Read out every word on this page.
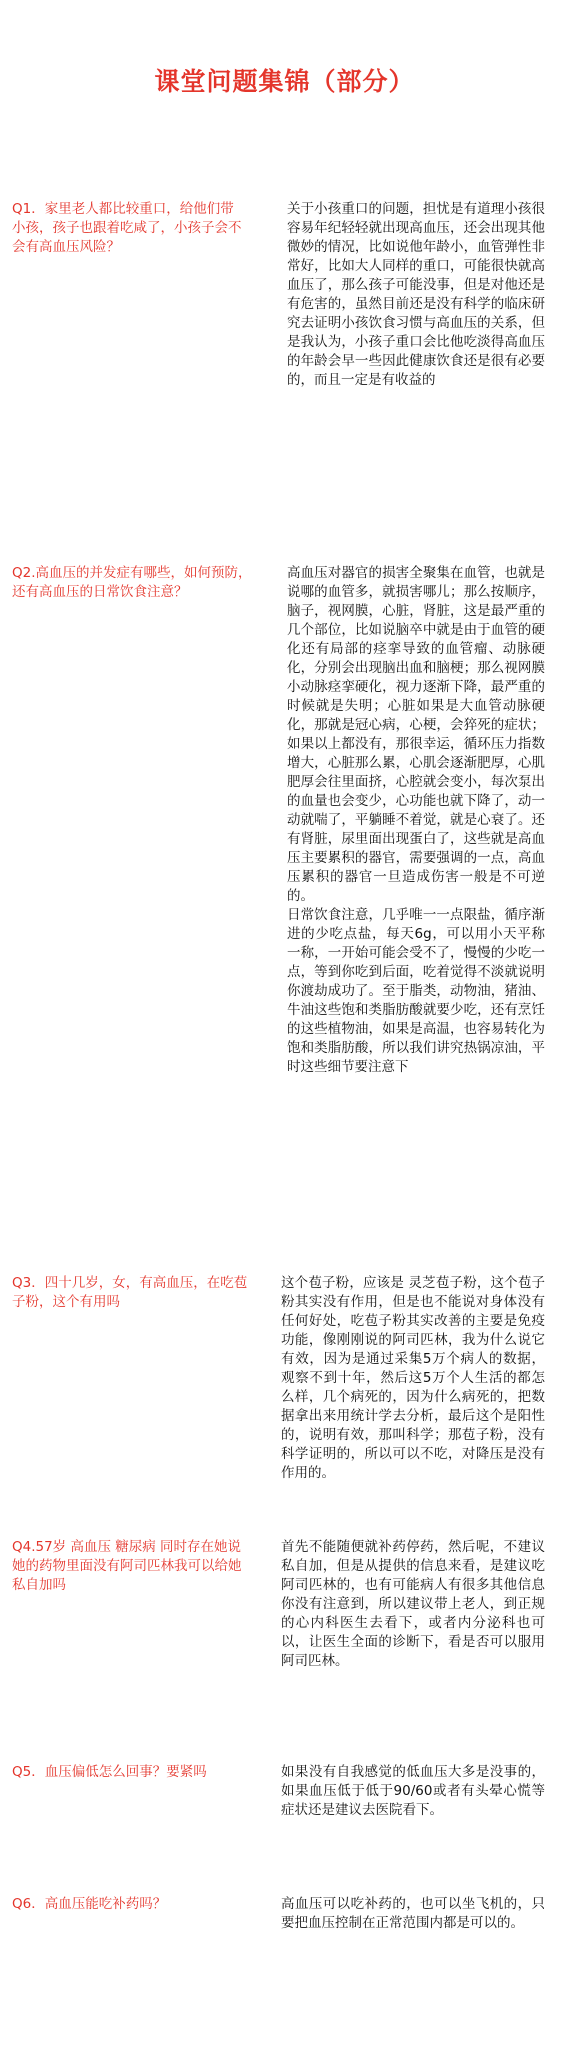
课堂问题集锦（部分）
Q1．家里老人都比较重口，给他们带小孩，孩子也跟着吃咸了，小孩子会不会有高血压风险？

关于小孩重口的问题，担忧是有道理小孩很容易年纪轻轻就出现高血压，还会出现其他微妙的情况，比如说他年龄小，血管弹性非常好，比如大人同样的重口，可能很快就高血压了，那么孩子可能没事，但是对他还是有危害的，虽然目前还是没有科学的临床研究去证明小孩饮食习惯与高血压的关系，但是我认为，小孩子重口会比他吃淡得高血压的年龄会早一些因此健康饮食还是很有必要的，而且一定是有收益的

Q2.高血压的并发症有哪些，如何预防，还有高血压的日常饮食注意？

高血压对器官的损害全聚集在血管，也就是说哪的血管多，就损害哪儿；那么按顺序，脑子，视网膜，心脏，肾脏，这是最严重的几个部位，比如说脑卒中就是由于血管的硬化还有局部的痉挛导致的血管瘤、动脉硬化，分别会出现脑出血和脑梗；那么视网膜小动脉痉挛硬化，视力逐渐下降，最严重的时候就是失明；心脏如果是大血管动脉硬化，那就是冠心病，心梗，会猝死的症状；如果以上都没有，那很幸运，循环压力指数增大，心脏那么累，心肌会逐渐肥厚，心肌肥厚会往里面挤，心腔就会变小，每次泵出的血量也会变少，心功能也就下降了，动一动就喘了，平躺睡不着觉，就是心衰了。还有肾脏，尿里面出现蛋白了，这些就是高血压主要累积的器官，需要强调的一点，高血压累积的器官一旦造成伤害一般是不可逆的。

日常饮食注意，几乎唯一一点限盐，循序渐进的少吃点盐，每天6g，可以用小天平称一称，一开始可能会受不了，慢慢的少吃一点，等到你吃到后面，吃着觉得不淡就说明你渡劫成功了。至于脂类，动物油，猪油、牛油这些饱和类脂肪酸就要少吃，还有烹饪的这些植物油，如果是高温，也容易转化为饱和类脂肪酸，所以我们讲究热锅凉油，平时这些细节要注意下

Q3．四十几岁，女，有高血压，在吃苞子粉，这个有用吗

这个苞子粉，应该是 灵芝苞子粉，这个苞子粉其实没有作用，但是也不能说对身体没有任何好处，吃苞子粉其实改善的主要是免疫功能，像刚刚说的阿司匹林，我为什么说它有效，因为是通过采集5万个病人的数据，观察不到十年，然后这5万个人生活的都怎么样，几个病死的，因为什么病死的，把数据拿出来用统计学去分析，最后这个是阳性的，说明有效，那叫科学；那苞子粉，没有科学证明的，所以可以不吃，对降压是没有作用的。

Q4.57岁 高血压 糖尿病 同时存在她说她的药物里面没有阿司匹林我可以给她私自加吗

首先不能随便就补药停药，然后呢，不建议私自加，但是从提供的信息来看，是建议吃阿司匹林的，也有可能病人有很多其他信息你没有注意到，所以建议带上老人，到正规的心内科医生去看下，或者内分泌科也可以，让医生全面的诊断下，看是否可以服用阿司匹林。

Q5．血压偏低怎么回事？要紧吗	如果没有自我感觉的低血压大多是没事的，如果血压低于低于90/60或者有头晕心慌等症状还是建议去医院看下。

Q6．高血压能吃补药吗？	高血压可以吃补药的，也可以坐飞机的，只要把血压控制在正常范围内都是可以的。
